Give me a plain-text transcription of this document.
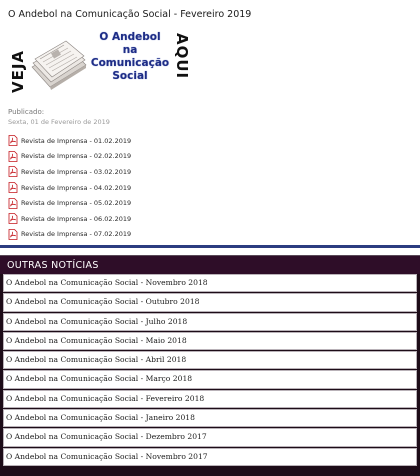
O Andebol na Comunicação Social - Fevereiro 2019
VEJA
O Andebol
na
Comunicação
Social	AQUI
Publicado:
Sexta, 01 de Fevereiro de 2019
Revista de Imprensa - 01.02.2019
Revista de Imprensa - 02.02.2019
Revista de Imprensa - 03.02.2019
Revista de Imprensa - 04.02.2019
Revista de Imprensa - 05.02.2019
Revista de Imprensa - 06.02.2019
Revista de Imprensa - 07.02.2019
OUTRAS NOTÍCIAS
O Andebol na Comunicação Social - Novembro 2018
O Andebol na Comunicação Social - Outubro 2018
O Andebol na Comunicação Social - Julho 2018
O Andebol na Comunicação Social - Maio 2018
O Andebol na Comunicação Social - Abril 2018
O Andebol na Comunicação Social - Março 2018
O Andebol na Comunicação Social - Fevereiro 2018
O Andebol na Comunicação Social - Janeiro 2018
O Andebol na Comunicação Social - Dezembro 2017
O Andebol na Comunicação Social - Novembro 2017
